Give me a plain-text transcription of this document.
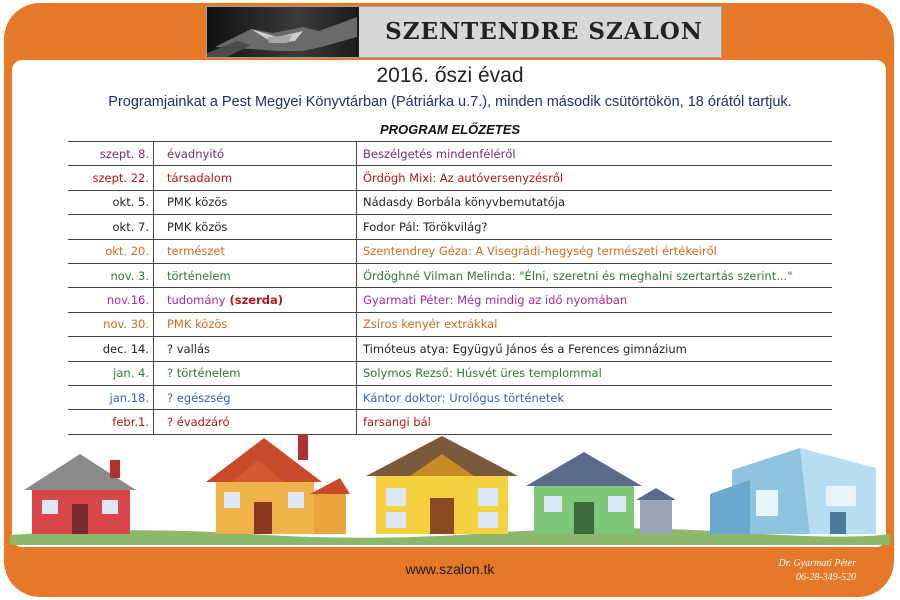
SZENTENDRE SZALON
2016. őszi évad
Programjainkat a Pest Megyei Könyvtárban (Pátriárka u.7.), minden második csütörtökön, 18 órától tartjuk.
PROGRAM ELŐZETES
szept. 8.	évadnyitó	Beszélgetés mindenféléről
szept. 22.	társadalom	Ördögh Mixi: Az autóversenyzésről
okt. 5.	PMK közös	Nádasdy Borbála könyvbemutatója
okt. 7.	PMK közös	Fodor Pál: Törökvilág?
okt. 20.	természet	Szentendrey Géza: A Visegrádi-hegység természeti értékeiről
nov. 3.	történelem	Ördöghné Vilman Melinda: "Élni, szeretni és meghalni szertartás szerint..."
nov.16.	tudomány (szerda)	Gyarmati Péter: Még mindig az idő nyomában
nov. 30.	PMK közös	Zsíros kenyér extrákkal
dec. 14.	? vallás	Timóteus atya: Együgyű János és a Ferences gimnázium
jan. 4.	? történelem	Solymos Rezső: Húsvét üres templommal
jan.18.	? egészség	Kántor doktor: Urológus történetek
febr.1.	? évadzáró	farsangi bál
www.szalon.tk	Dr. Gyarmati Péter
06-28-349-520
